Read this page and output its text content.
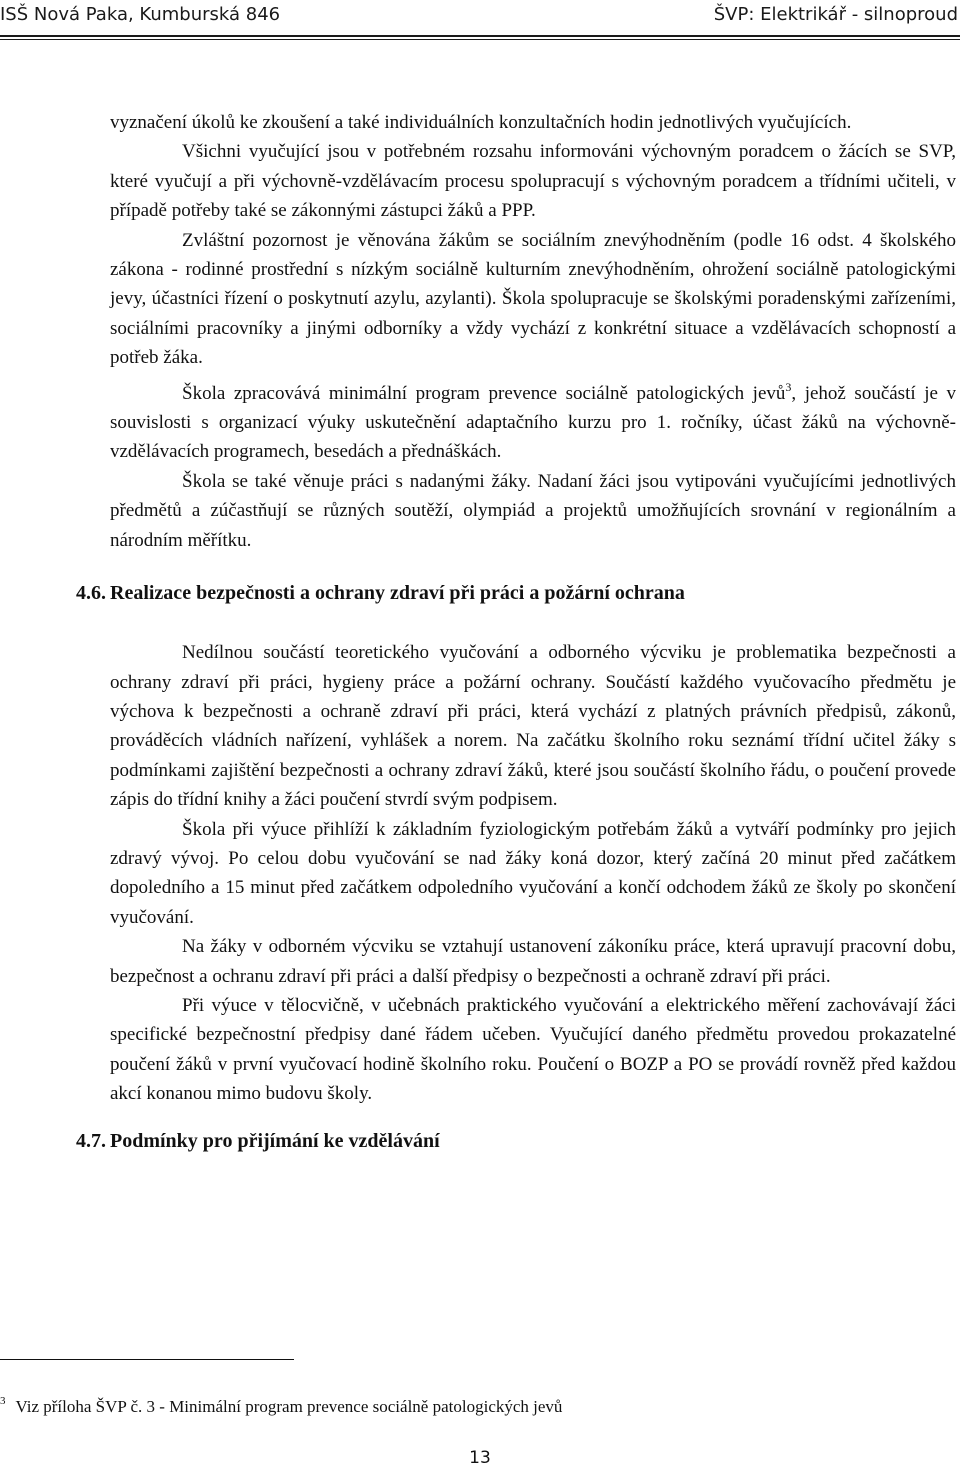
ISŠ Nová Paka, Kumburská 846	ŠVP: Elektrikář - silnoproud

vyznačení úkolů ke zkoušení a také individuálních konzultačních hodin jednotlivých vyučujících.

Všichni vyučující jsou v potřebném rozsahu informováni výchovným poradcem o žácích se SVP, které vyučují a při výchovně-vzdělávacím procesu spolupracují s výchovným poradcem a třídními učiteli, v případě potřeby také se zákonnými zástupci žáků a PPP.

Zvláštní pozornost je věnována žákům se sociálním znevýhodněním (podle 16 odst. 4 školského zákona - rodinné prostřední s nízkým sociálně kulturním znevýhodněním, ohrožení sociálně patologickými jevy, účastníci řízení o poskytnutí azylu, azylanti). Škola spolupracuje se školskými poradenskými zařízeními, sociálními pracovníky a jinými odborníky a vždy vychází z konkrétní situace a vzdělávacích schopností a potřeb žáka.

Škola zpracovává minimální program prevence sociálně patologických jevů$^3$, jehož součástí je v souvislosti s organizací výuky uskutečnění adaptačního kurzu pro 1. ročníky, účast žáků na výchovně-vzdělávacích programech, besedách a přednáškách.

Škola se také věnuje práci s nadanými žáky. Nadaní žáci jsou vytipováni vyučujícími jednotlivých předmětů a zúčastňují se různých soutěží, olympiád a projektů umožňujících srovnání v regionálním a národním měřítku.

4.6. Realizace bezpečnosti a ochrany zdraví při práci a požární ochrana

Nedílnou součástí teoretického vyučování a odborného výcviku je problematika bezpečnosti a ochrany zdraví při práci, hygieny práce a požární ochrany. Součástí každého vyučovacího předmětu je výchova k bezpečnosti a ochraně zdraví při práci, která vychází z platných právních předpisů, zákonů, prováděcích vládních nařízení, vyhlášek a norem. Na začátku školního roku seznámí třídní učitel žáky s podmínkami zajištění bezpečnosti a ochrany zdraví žáků, které jsou součástí školního řádu, o poučení provede zápis do třídní knihy a žáci poučení stvrdí svým podpisem.

Škola při výuce přihlíží k základním fyziologickým potřebám žáků a vytváří podmínky pro jejich zdravý vývoj. Po celou dobu vyučování se nad žáky koná dozor, který začíná 20 minut před začátkem dopoledního a 15 minut před začátkem odpoledního vyučování a končí odchodem žáků ze školy po skončení vyučování.

Na žáky v odborném výcviku se vztahují ustanovení zákoníku práce, která upravují pracovní dobu, bezpečnost a ochranu zdraví při práci a další předpisy o bezpečnosti a ochraně zdraví při práci.

Při výuce v tělocvičně, v učebnách praktického vyučování a elektrického měření zachovávají žáci specifické bezpečnostní předpisy dané řádem učeben. Vyučující daného předmětu provedou prokazatelné poučení žáků v první vyučovací hodině školního roku. Poučení o BOZP a PO se provádí rovněž před každou akcí konanou mimo budovu školy.

4.7. Podmínky pro přijímání ke vzdělávání
$^3$ Viz příloha ŠVP č. 3 - Minimální program prevence sociálně patologických jevů
13
